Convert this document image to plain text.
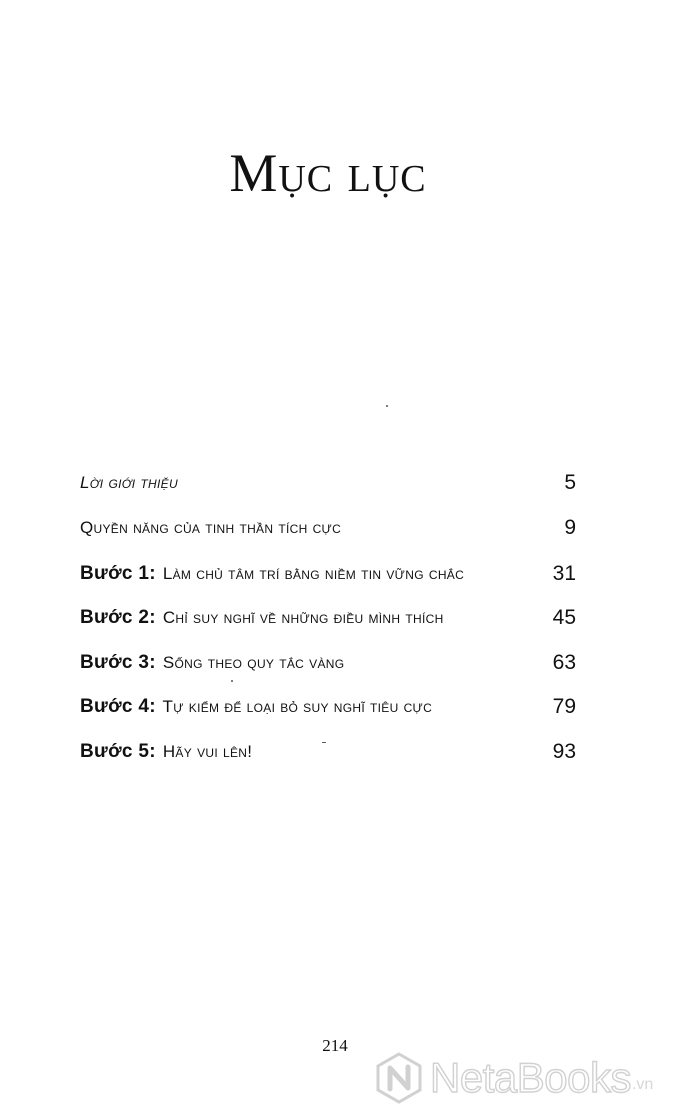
Mục lục
Lời giới thiệu	5
Quyền năng của tinh thần tích cực	9
Bước 1: Làm chủ tâm trí bằng niềm tin vững chắc	31
Bước 2: Chỉ suy nghĩ về những điều mình thích	45
Bước 3: Sống theo quy tắc vàng	63
Bước 4: Tự kiểm để loại bỏ suy nghĩ tiêu cực	79
Bước 5: Hãy vui lên!	93
214
NetaBooks .vn
